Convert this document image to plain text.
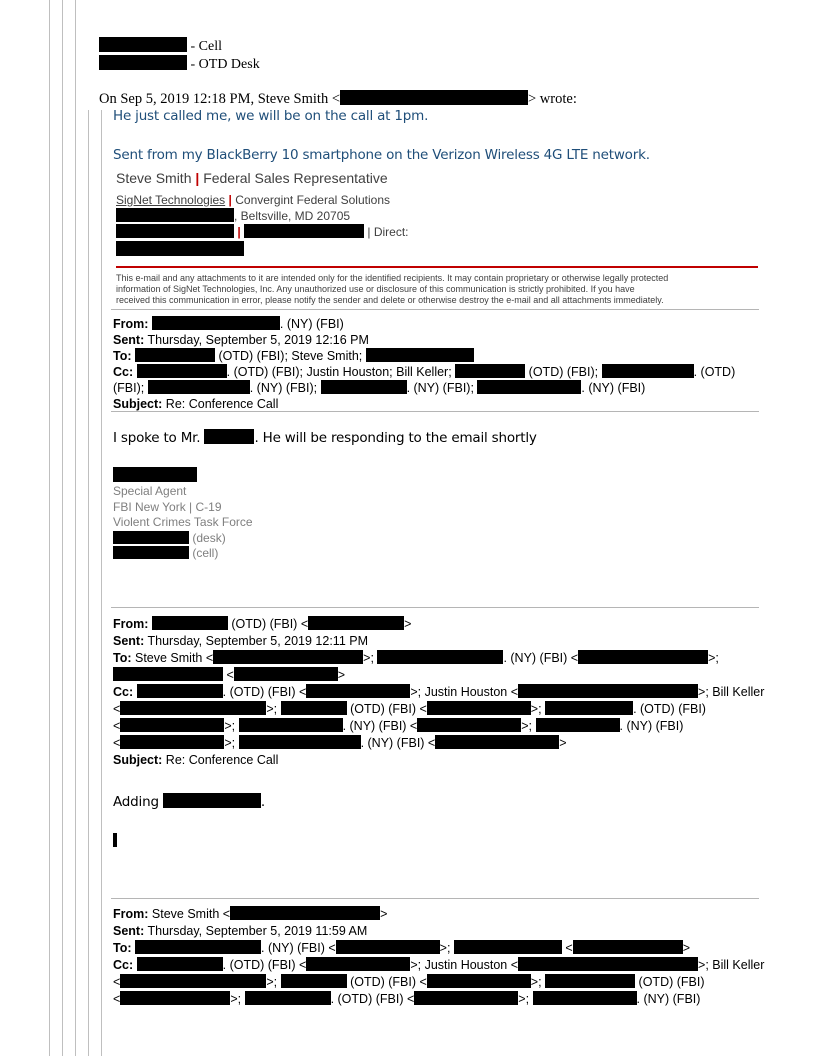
- Cell
- OTD Desk
On Sep 5, 2019 12:18 PM, Steve Smith <	> wrote:
He just called me, we will be on the call at 1pm.
Sent from my BlackBerry 10 smartphone on the Verizon Wireless 4G LTE network.
Steve Smith | Federal Sales Representative
SigNet Technologies | Convergint Federal Solutions
, Beltsville, MD 20705
|	| Direct:
This e-mail and any attachments to it are intended only for the identified recipients. It may contain proprietary or otherwise legally protected
information of SigNet Technologies, Inc. Any unauthorized use or disclosure of this communication is strictly prohibited. If you have
received this communication in error, please notify the sender and delete or otherwise destroy the e-mail and all attachments immediately.
From:	. (NY) (FBI)
Sent: Thursday, September 5, 2019 12:16 PM
To:	(OTD) (FBI); Steve Smith;
Cc:	. (OTD) (FBI); Justin Houston; Bill Keller;	(OTD) (FBI);	. (OTD)
(FBI);	. (NY) (FBI);	. (NY) (FBI);	. (NY) (FBI)
Subject: Re: Conference Call
I spoke to Mr.	. He will be responding to the email shortly
Special Agent
FBI New York | C-19
Violent Crimes Task Force
(desk)
(cell)
From:	(OTD) (FBI) <	>
Sent: Thursday, September 5, 2019 12:11 PM
To: Steve Smith <	>;	. (NY) (FBI) <	>;
<	>
Cc:	. (OTD) (FBI) <	>; Justin Houston <	>; Bill Keller
<	>;	(OTD) (FBI) <	>;	. (OTD) (FBI)
<	>;	. (NY) (FBI) <	>;	. (NY) (FBI)
<	>;	. (NY) (FBI) <	>
Subject: Re: Conference Call
Adding	.
From: Steve Smith <	>
Sent: Thursday, September 5, 2019 11:59 AM
To:	. (NY) (FBI) <	>;	<	>
Cc:	. (OTD) (FBI) <	>; Justin Houston <	>; Bill Keller
<	>;	(OTD) (FBI) <	>;	(OTD) (FBI)
<	>;	. (OTD) (FBI) <	>;	. (NY) (FBI)
